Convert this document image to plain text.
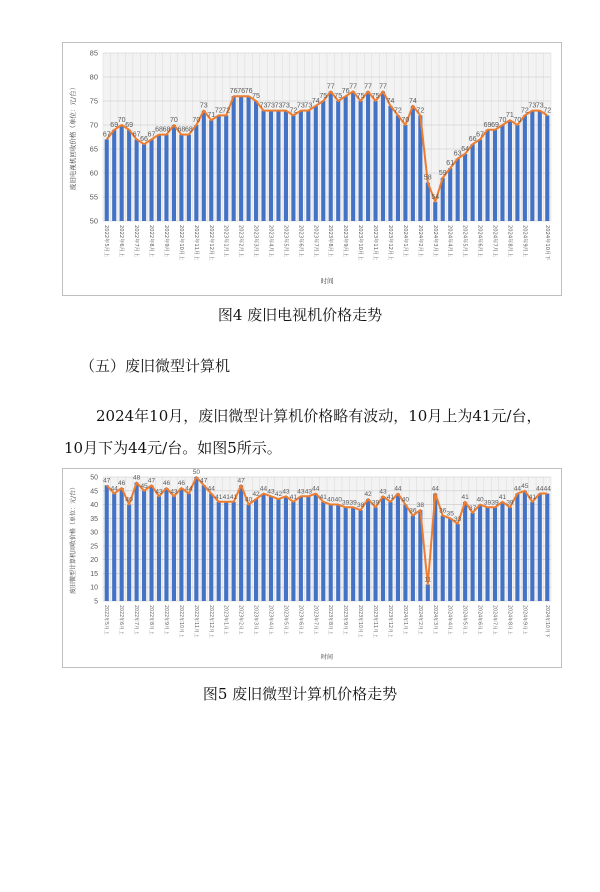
50
55
60
65
70
75
80
85
67
69
70
69
67
66
67
68 68
70
68 68
70
73
71
72 72
76 76 76
75
73 73 73 73
72
73 73
74
75
77
75
76
77
75
77
75
77
74
72
70
74
72
58
54
59
61
63
64
66
67
69 69
70
71
70
72
73 73
72
2022年5月上	2022年6月上	2022年7月上	2022年8月上	2022年9月上	2022年10月上	2022年11月上	2022年12月上	2023年1月上	2023年2月上	2023年3月上	2023年4月上	2023年5月上	2023年6月上	2023年7月上	2023年8月上	2023年9月上	2023年10月上	2023年11月上	2023年12月上	2024年1月上	2024年2月上	2024年3月上	2024年4月上	2024年5月上	2024年6月上	2024年7月上	2024年8月上	2024年9月上	2024年10月下
废旧电视机回收价格（单位：元/台）
时间
图4 废旧电视机价格走势
（五）废旧微型计算机
2024年10月，废旧微型计算机价格略有波动，10月上为41元/台，10月下为44元/台。如图5所示。
5
10
15
20
25
30
35
40
45
50 47
44
46
40
48
45
47
43
46
43
46
44
50
47
44
41 41 41
47
40
42
44 43 42 43
41
43 43 44
41 40 40 39 39 38
42
39
43
41
44
40
36
38
11
44
36 35
33
41
37
40 39 39
41
39
44 45
41
44 44
2022年5月上	2022年6月上	2022年7月上	2022年8月上	2022年9月上	2022年10月上	2022年11月上	2022年12月上	2023年1月上	2023年2月上	2023年3月上	2023年4月上	2023年5月上	2023年6月上	2023年7月上	2023年8月上	2023年9月上	2023年10月上	2023年11月上	2023年12月上	2024年1月上	2024年2月上	2024年3月上	2024年4月上	2024年5月上	2024年6月上	2024年7月上	2024年8月上	2024年9月上	2024年10月下
废旧微型计算机回收价格（单位：元/台）
时间
图5 废旧微型计算机价格走势
